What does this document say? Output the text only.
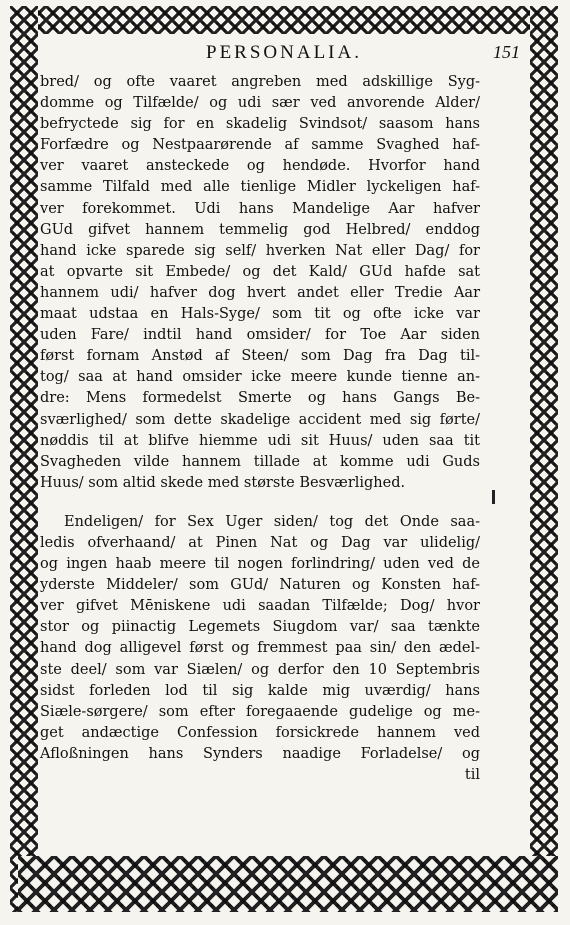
PERSONALIA.	151
bred/ og ofte vaaret angreben med adskillige Syg-
domme og Tilfælde/ og udi sær ved anvorende Alder/
befryctede sig for en skadelig Svindsot/ saasom hans
Forfædre og Nestpaarørende af samme Svaghed haf-
ver vaaret ansteckede og hendøde. Hvorfor hand
samme Tilfald med alle tienlige Midler lyckeligen haf-
ver forekommet. Udi hans Mandelige Aar hafver
GUd gifvet hannem temmelig god Helbred/ enddog
hand icke sparede sig self/ hverken Nat eller Dag/ for
at opvarte sit Embede/ og det Kald/ GUd hafde sat
hannem udi/ hafver dog hvert andet eller Tredie Aar
maat udstaa en Hals-Syge/ som tit og ofte icke var
uden Fare/ indtil hand omsider/ for Toe Aar siden
først fornam Anstød af Steen/ som Dag fra Dag til-
tog/ saa at hand omsider icke meere kunde tienne an-
dre: Mens formedelst Smerte og hans Gangs Be-
sværlighed/ som dette skadelige accident med sig førte/
nøddis til at blifve hiemme udi sit Huus/ uden saa tit
Svagheden vilde hannem tillade at komme udi Guds
Huus/ som altid skede med største Besværlighed.
Endeligen/ for Sex Uger siden/ tog det Onde saa-
ledis ofverhaand/ at Pinen Nat og Dag var ulidelig/
og ingen haab meere til nogen forlindring/ uden ved de
yderste Middeler/ som GUd/ Naturen og Konsten haf-
ver gifvet Mēniskene udi saadan Tilfælde; Dog/ hvor
stor og piinactig Legemets Siugdom var/ saa tænkte
hand dog alligevel først og fremmest paa sin/ den ædel-
ste deel/ som var Siælen/ og derfor den 10 Septembris
sidst forleden lod til sig kalde mig uværdig/ hans
Siæle-sørgere/ som efter foregaaende gudelige og me-
get andæctige Confession forsickrede hannem ved
Afloßningen hans Synders naadige Forladelse/ og
til
